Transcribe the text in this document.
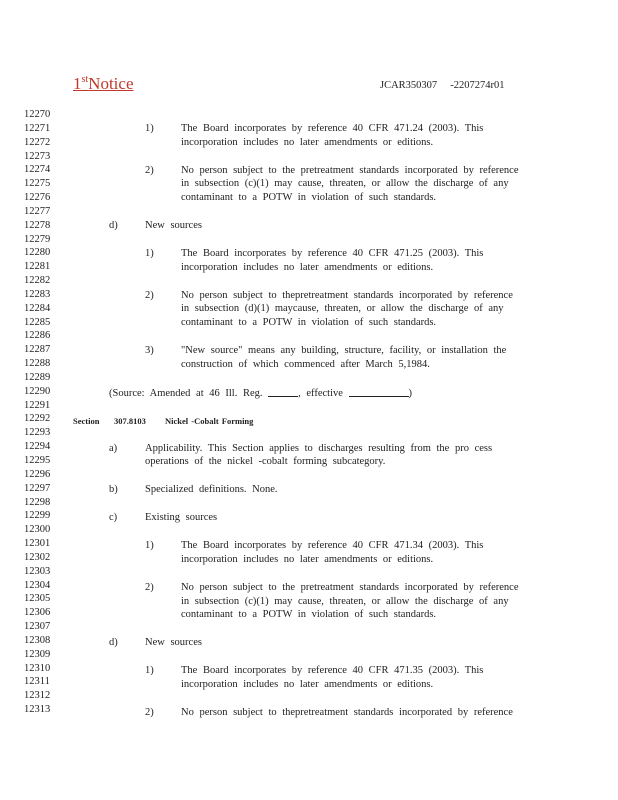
1stNotice	JCAR350307     -2207274r01
12270
12271
12272
12273
12274
12275
12276
12277
12278
12279
12280
12281
12282
12283
12284
12285
12286
12287
12288
12289
12290
12291
12292
12293
12294
12295
12296
12297
12298
12299
12300
12301
12302
12303
12304
12305
12306
12307
12308
12309
12310
12311
12312
12313
1)	The Board incorporates by reference 40 CFR 471.24 (2003). This
incorporation includes no later amendments or editions.
2)	No person subject to the pretreatment standards incorporated by reference
in subsection (c)(1) may cause, threaten, or allow the discharge of any
contaminant to a POTW in violation of such standards.
d)	New sources
1)	The Board incorporates by reference 40 CFR 471.25 (2003). This
incorporation includes no later amendments or editions.
2)	No person subject to thepretreatment standards incorporated by reference
in subsection (d)(1) maycause, threaten, or allow the discharge of any
contaminant to a POTW in violation of such standards.
3)	"New source" means any building, structure, facility, or installation the
construction of which commenced after March 5,1984.
(Source: Amended at 46 Ill. Reg.	, effective	)
Section 307.8103 Nickel -Cobalt Forming
a)	Applicability. This Section applies to discharges resulting from the pro cess
operations of the nickel -cobalt forming subcategory.
b)	Specialized definitions. None.
c)	Existing sources
1)	The Board incorporates by reference 40 CFR 471.34 (2003). This
incorporation includes no later amendments or editions.
2)	No person subject to the pretreatment standards incorporated by reference
in subsection (c)(1) may cause, threaten, or allow the discharge of any
contaminant to a POTW in violation of such standards.
d)	New sources
1)	The Board incorporates by reference 40 CFR 471.35 (2003). This
incorporation includes no later amendments or editions.
2)	No person subject to thepretreatment standards incorporated by reference
